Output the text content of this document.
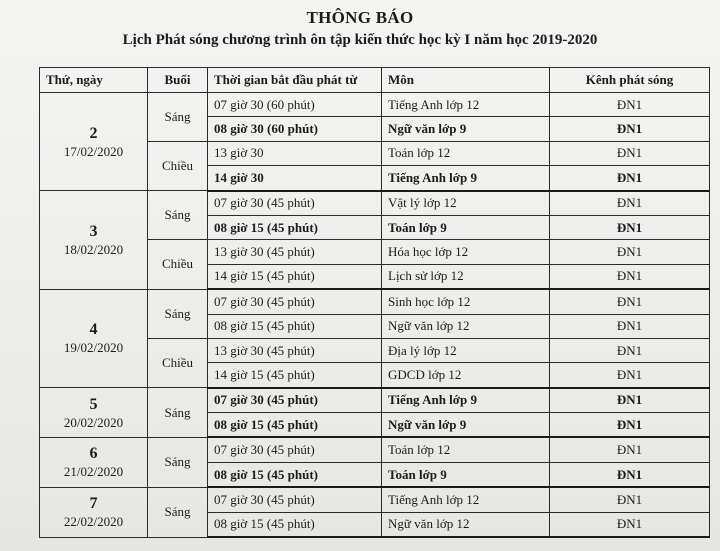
THÔNG BÁO
Lịch Phát sóng chương trình ôn tập kiến thức học kỳ I năm học 2019-2020
Thứ, ngày	Buổi	Thời gian bắt đầu phát từ	Môn	Kênh phát sóng

2
17/02/2020	Sáng	07 giờ 30 (60 phút)	Tiếng Anh lớp 12	ĐN1
		08 giờ 30 (60 phút)	Ngữ văn lớp 9	ĐN1
	Chiều	13 giờ 30	Toán lớp 12	ĐN1
		14 giờ 30	Tiếng Anh lớp 9	ĐN1

3
18/02/2020	Sáng	07 giờ 30 (45 phút)	Vật lý lớp 12	ĐN1
		08 giờ 15 (45 phút)	Toán lớp 9	ĐN1
	Chiều	13 giờ 30 (45 phút)	Hóa học lớp 12	ĐN1
		14 giờ 15 (45 phút)	Lịch sử lớp 12	ĐN1

4
19/02/2020	Sáng	07 giờ 30 (45 phút)	Sinh học lớp 12	ĐN1
		08 giờ 15 (45 phút)	Ngữ văn lớp 12	ĐN1
	Chiều	13 giờ 30 (45 phút)	Địa lý lớp 12	ĐN1
		14 giờ 15 (45 phút)	GDCD lớp 12	ĐN1

5
20/02/2020	Sáng	07 giờ 30 (45 phút)	Tiếng Anh lớp 9	ĐN1
		08 giờ 15 (45 phút)	Ngữ văn lớp 9	ĐN1

6
21/02/2020	Sáng	07 giờ 30 (45 phút)	Toán lớp 12	ĐN1
		08 giờ 15 (45 phút)	Toán lớp 9	ĐN1

7
22/02/2020	Sáng	07 giờ 30 (45 phút)	Tiếng Anh lớp 12	ĐN1
		08 giờ 15 (45 phút)	Ngữ văn lớp 12	ĐN1
